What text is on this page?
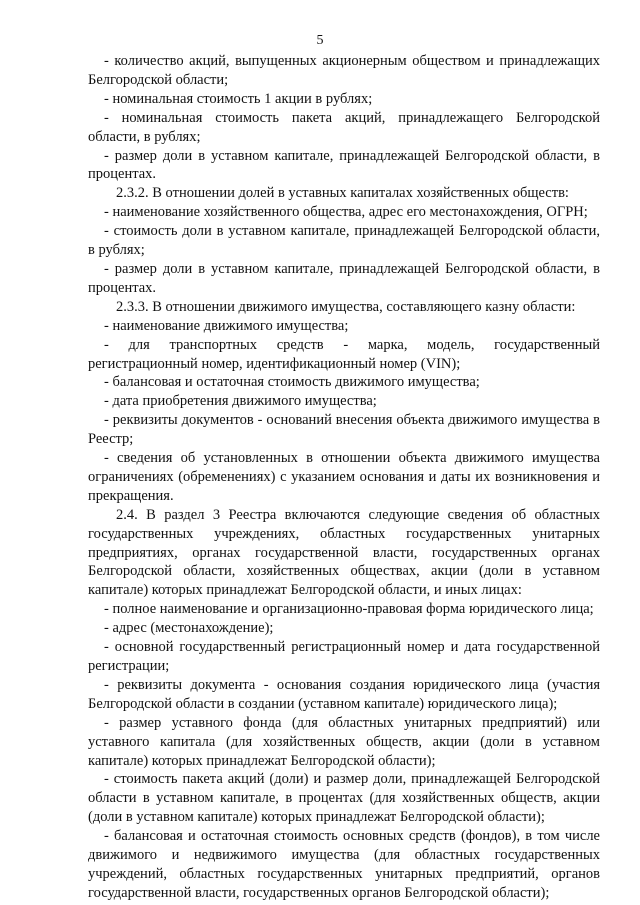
5

- количество акций, выпущенных акционерным обществом и принадлежащих Белгородской области;

- номинальная стоимость 1 акции в рублях;

- номинальная стоимость пакета акций, принадлежащего Белгородской области, в рублях;

- размер доли в уставном капитале, принадлежащей Белгородской области, в процентах.

2.3.2. В отношении долей в уставных капиталах хозяйственных обществ:

- наименование хозяйственного общества, адрес его местонахождения, ОГРН;

- стоимость доли в уставном капитале, принадлежащей Белгородской области, в рублях;

- размер доли в уставном капитале, принадлежащей Белгородской области, в процентах.

2.3.3. В отношении движимого имущества, составляющего казну области:

- наименование движимого имущества;

- для транспортных средств - марка, модель, государственный регистрационный номер, идентификационный номер (VIN);

- балансовая и остаточная стоимость движимого имущества;

- дата приобретения движимого имущества;

- реквизиты документов - оснований внесения объекта движимого имущества в Реестр;

- сведения об установленных в отношении объекта движимого имущества ограничениях (обременениях) с указанием основания и даты их возникновения и прекращения.

2.4. В раздел 3 Реестра включаются следующие сведения об областных государственных учреждениях, областных государственных унитарных предприятиях, органах государственной власти, государственных органах Белгородской области, хозяйственных обществах, акции (доли в уставном капитале) которых принадлежат Белгородской области, и иных лицах:

- полное наименование и организационно-правовая форма юридического лица;

- адрес (местонахождение);

- основной государственный регистрационный номер и дата государственной регистрации;

- реквизиты документа - основания создания юридического лица (участия Белгородской области в создании (уставном капитале) юридического лица);

- размер уставного фонда (для областных унитарных предприятий) или уставного капитала (для хозяйственных обществ, акции (доли в уставном капитале) которых принадлежат Белгородской области);

- стоимость пакета акций (доли) и размер доли, принадлежащей Белгородской области в уставном капитале, в процентах (для хозяйственных обществ, акции (доли в уставном капитале) которых принадлежат Белгородской области);

- балансовая и остаточная стоимость основных средств (фондов), в том числе движимого и недвижимого имущества (для областных государственных учреждений, областных государственных унитарных предприятий, органов государственной власти, государственных органов Белгородской области);
